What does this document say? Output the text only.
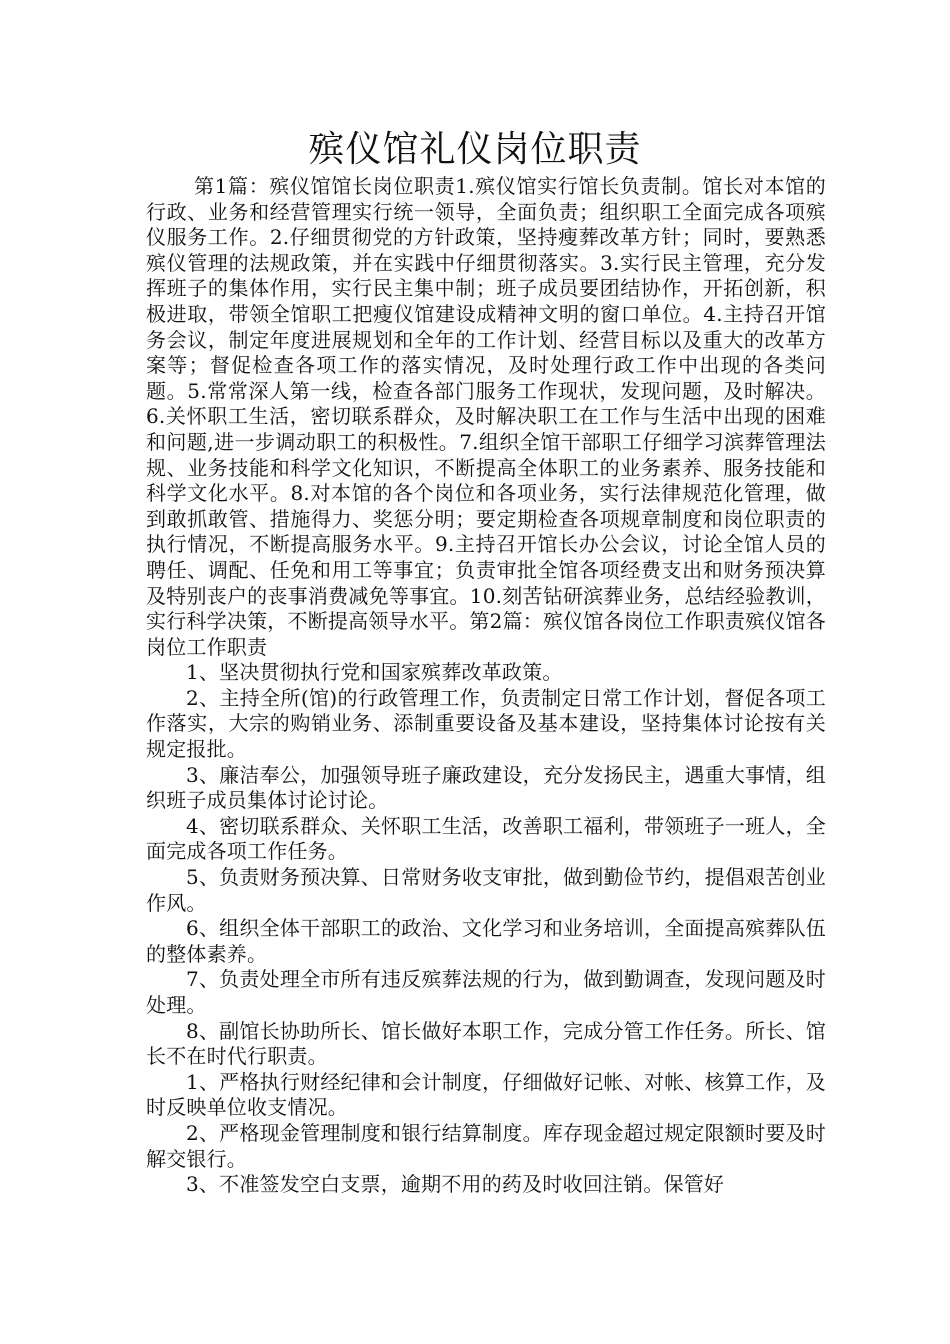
殡仪馆礼仪岗位职责

第1篇：殡仪馆馆长岗位职责1.殡仪馆实行馆长负责制。馆长对本馆的行政、业务和经营管理实行统一领导，全面负责；组织职工全面完成各项殡仪服务工作。2.仔细贯彻党的方针政策，坚持瘦葬改革方针；同时，要熟悉殡仪管理的法规政策，并在实践中仔细贯彻落实。3.实行民主管理，充分发挥班子的集体作用，实行民主集中制；班子成员要团结协作，开拓创新，积极进取，带领全馆职工把瘦仪馆建设成精神文明的窗口单位。4.主持召开馆务会议，制定年度进展规划和全年的工作计划、经营目标以及重大的改革方案等；督促检查各项工作的落实情况，及时处理行政工作中出现的各类问题。5.常常深人第一线，检查各部门服务工作现状，发现问题，及时解决。6.关怀职工生活，密切联系群众，及时解决职工在工作与生活中出现的困难和问题,进一步调动职工的积极性。7.组织全馆干部职工仔细学习滨葬管理法规、业务技能和科学文化知识，不断提高全体职工的业务素养、服务技能和科学文化水平。8.对本馆的各个岗位和各项业务，实行法律规范化管理，做到敢抓敢管、措施得力、奖惩分明；要定期检查各项规章制度和岗位职责的执行情况，不断提高服务水平。9.主持召开馆长办公会议，讨论全馆人员的聘任、调配、任免和用工等事宜；负责审批全馆各项经费支出和财务预决算及特别丧户的丧事消费减免等事宜。10.刻苦钻研滨葬业务，总结经验教训，实行科学决策，不断提高领导水平。第2篇：殡仪馆各岗位工作职责殡仪馆各岗位工作职责

1、坚决贯彻执行党和国家殡葬改革政策。

2、主持全所(馆)的行政管理工作，负责制定日常工作计划，督促各项工作落实，大宗的购销业务、添制重要设备及基本建设，坚持集体讨论按有关规定报批。

3、廉洁奉公，加强领导班子廉政建设，充分发扬民主，遇重大事情，组织班子成员集体讨论讨论。

4、密切联系群众、关怀职工生活，改善职工福利，带领班子一班人，全面完成各项工作任务。

5、负责财务预决算、日常财务收支审批，做到勤俭节约，提倡艰苦创业作风。

6、组织全体干部职工的政治、文化学习和业务培训，全面提高殡葬队伍的整体素养。

7、负责处理全市所有违反殡葬法规的行为，做到勤调查，发现问题及时处理。

8、副馆长协助所长、馆长做好本职工作，完成分管工作任务。所长、馆长不在时代行职责。

1、严格执行财经纪律和会计制度，仔细做好记帐、对帐、核算工作，及时反映单位收支情况。

2、严格现金管理制度和银行结算制度。库存现金超过规定限额时要及时解交银行。

3、不准签发空白支票，逾期不用的药及时收回注销。保管好
